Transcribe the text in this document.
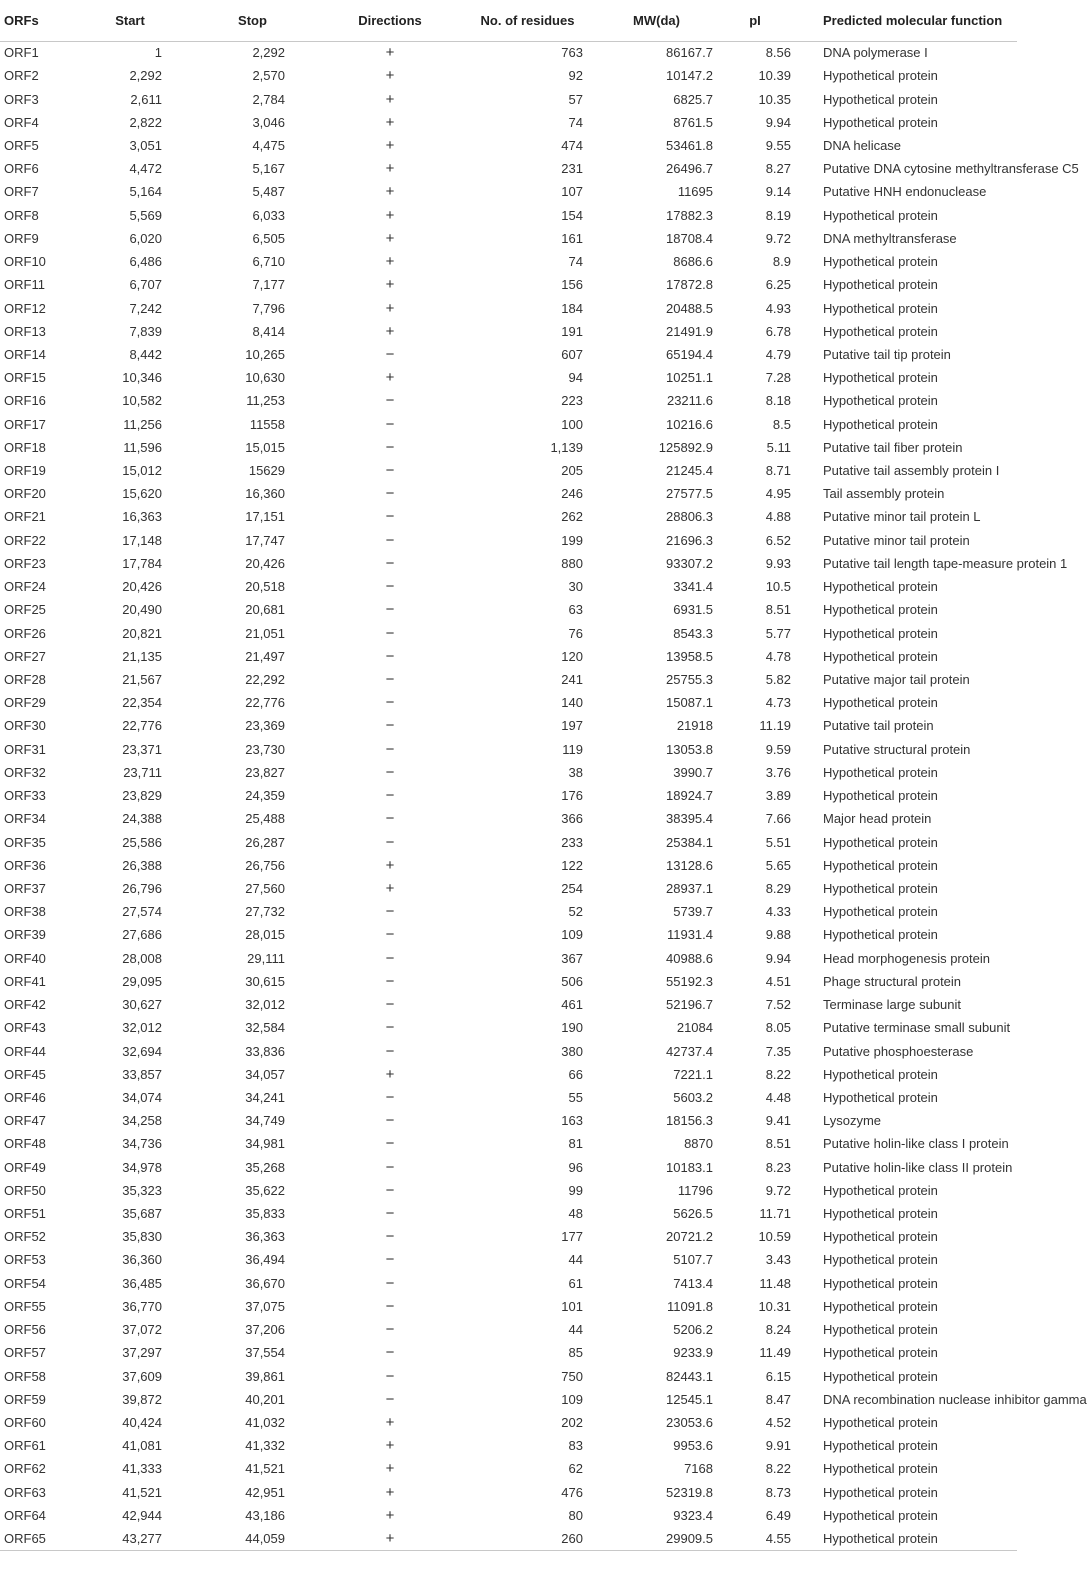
ORFs	Start	Stop	Directions	No. of residues	MW(da)	pI	Predicted molecular function
ORF1	1	2,292	+	763	86167.7	8.56	DNA polymerase I
ORF2	2,292	2,570	+	92	10147.2	10.39	Hypothetical protein
ORF3	2,611	2,784	+	57	6825.7	10.35	Hypothetical protein
ORF4	2,822	3,046	+	74	8761.5	9.94	Hypothetical protein
ORF5	3,051	4,475	+	474	53461.8	9.55	DNA helicase
ORF6	4,472	5,167	+	231	26496.7	8.27	Putative DNA cytosine methyltransferase C5
ORF7	5,164	5,487	+	107	11695	9.14	Putative HNH endonuclease
ORF8	5,569	6,033	+	154	17882.3	8.19	Hypothetical protein
ORF9	6,020	6,505	+	161	18708.4	9.72	DNA methyltransferase
ORF10	6,486	6,710	+	74	8686.6	8.9	Hypothetical protein
ORF11	6,707	7,177	+	156	17872.8	6.25	Hypothetical protein
ORF12	7,242	7,796	+	184	20488.5	4.93	Hypothetical protein
ORF13	7,839	8,414	+	191	21491.9	6.78	Hypothetical protein
ORF14	8,442	10,265	−	607	65194.4	4.79	Putative tail tip protein
ORF15	10,346	10,630	+	94	10251.1	7.28	Hypothetical protein
ORF16	10,582	11,253	−	223	23211.6	8.18	Hypothetical protein
ORF17	11,256	11558	−	100	10216.6	8.5	Hypothetical protein
ORF18	11,596	15,015	−	1,139	125892.9	5.11	Putative tail fiber protein
ORF19	15,012	15629	−	205	21245.4	8.71	Putative tail assembly protein I
ORF20	15,620	16,360	−	246	27577.5	4.95	Tail assembly protein
ORF21	16,363	17,151	−	262	28806.3	4.88	Putative minor tail protein L
ORF22	17,148	17,747	−	199	21696.3	6.52	Putative minor tail protein
ORF23	17,784	20,426	−	880	93307.2	9.93	Putative tail length tape-measure protein 1
ORF24	20,426	20,518	−	30	3341.4	10.5	Hypothetical protein
ORF25	20,490	20,681	−	63	6931.5	8.51	Hypothetical protein
ORF26	20,821	21,051	−	76	8543.3	5.77	Hypothetical protein
ORF27	21,135	21,497	−	120	13958.5	4.78	Hypothetical protein
ORF28	21,567	22,292	−	241	25755.3	5.82	Putative major tail protein
ORF29	22,354	22,776	−	140	15087.1	4.73	Hypothetical protein
ORF30	22,776	23,369	−	197	21918	11.19	Putative tail protein
ORF31	23,371	23,730	−	119	13053.8	9.59	Putative structural protein
ORF32	23,711	23,827	−	38	3990.7	3.76	Hypothetical protein
ORF33	23,829	24,359	−	176	18924.7	3.89	Hypothetical protein
ORF34	24,388	25,488	−	366	38395.4	7.66	Major head protein
ORF35	25,586	26,287	−	233	25384.1	5.51	Hypothetical protein
ORF36	26,388	26,756	+	122	13128.6	5.65	Hypothetical protein
ORF37	26,796	27,560	+	254	28937.1	8.29	Hypothetical protein
ORF38	27,574	27,732	−	52	5739.7	4.33	Hypothetical protein
ORF39	27,686	28,015	−	109	11931.4	9.88	Hypothetical protein
ORF40	28,008	29,111	−	367	40988.6	9.94	Head morphogenesis protein
ORF41	29,095	30,615	−	506	55192.3	4.51	Phage structural protein
ORF42	30,627	32,012	−	461	52196.7	7.52	Terminase large subunit
ORF43	32,012	32,584	−	190	21084	8.05	Putative terminase small subunit
ORF44	32,694	33,836	−	380	42737.4	7.35	Putative phosphoesterase
ORF45	33,857	34,057	+	66	7221.1	8.22	Hypothetical protein
ORF46	34,074	34,241	−	55	5603.2	4.48	Hypothetical protein
ORF47	34,258	34,749	−	163	18156.3	9.41	Lysozyme
ORF48	34,736	34,981	−	81	8870	8.51	Putative holin-like class I protein
ORF49	34,978	35,268	−	96	10183.1	8.23	Putative holin-like class II protein
ORF50	35,323	35,622	−	99	11796	9.72	Hypothetical protein
ORF51	35,687	35,833	−	48	5626.5	11.71	Hypothetical protein
ORF52	35,830	36,363	−	177	20721.2	10.59	Hypothetical protein
ORF53	36,360	36,494	−	44	5107.7	3.43	Hypothetical protein
ORF54	36,485	36,670	−	61	7413.4	11.48	Hypothetical protein
ORF55	36,770	37,075	−	101	11091.8	10.31	Hypothetical protein
ORF56	37,072	37,206	−	44	5206.2	8.24	Hypothetical protein
ORF57	37,297	37,554	−	85	9233.9	11.49	Hypothetical protein
ORF58	37,609	39,861	−	750	82443.1	6.15	Hypothetical protein
ORF59	39,872	40,201	−	109	12545.1	8.47	DNA recombination nuclease inhibitor gamma
ORF60	40,424	41,032	+	202	23053.6	4.52	Hypothetical protein
ORF61	41,081	41,332	+	83	9953.6	9.91	Hypothetical protein
ORF62	41,333	41,521	+	62	7168	8.22	Hypothetical protein
ORF63	41,521	42,951	+	476	52319.8	8.73	Hypothetical protein
ORF64	42,944	43,186	+	80	9323.4	6.49	Hypothetical protein
ORF65	43,277	44,059	+	260	29909.5	4.55	Hypothetical protein
